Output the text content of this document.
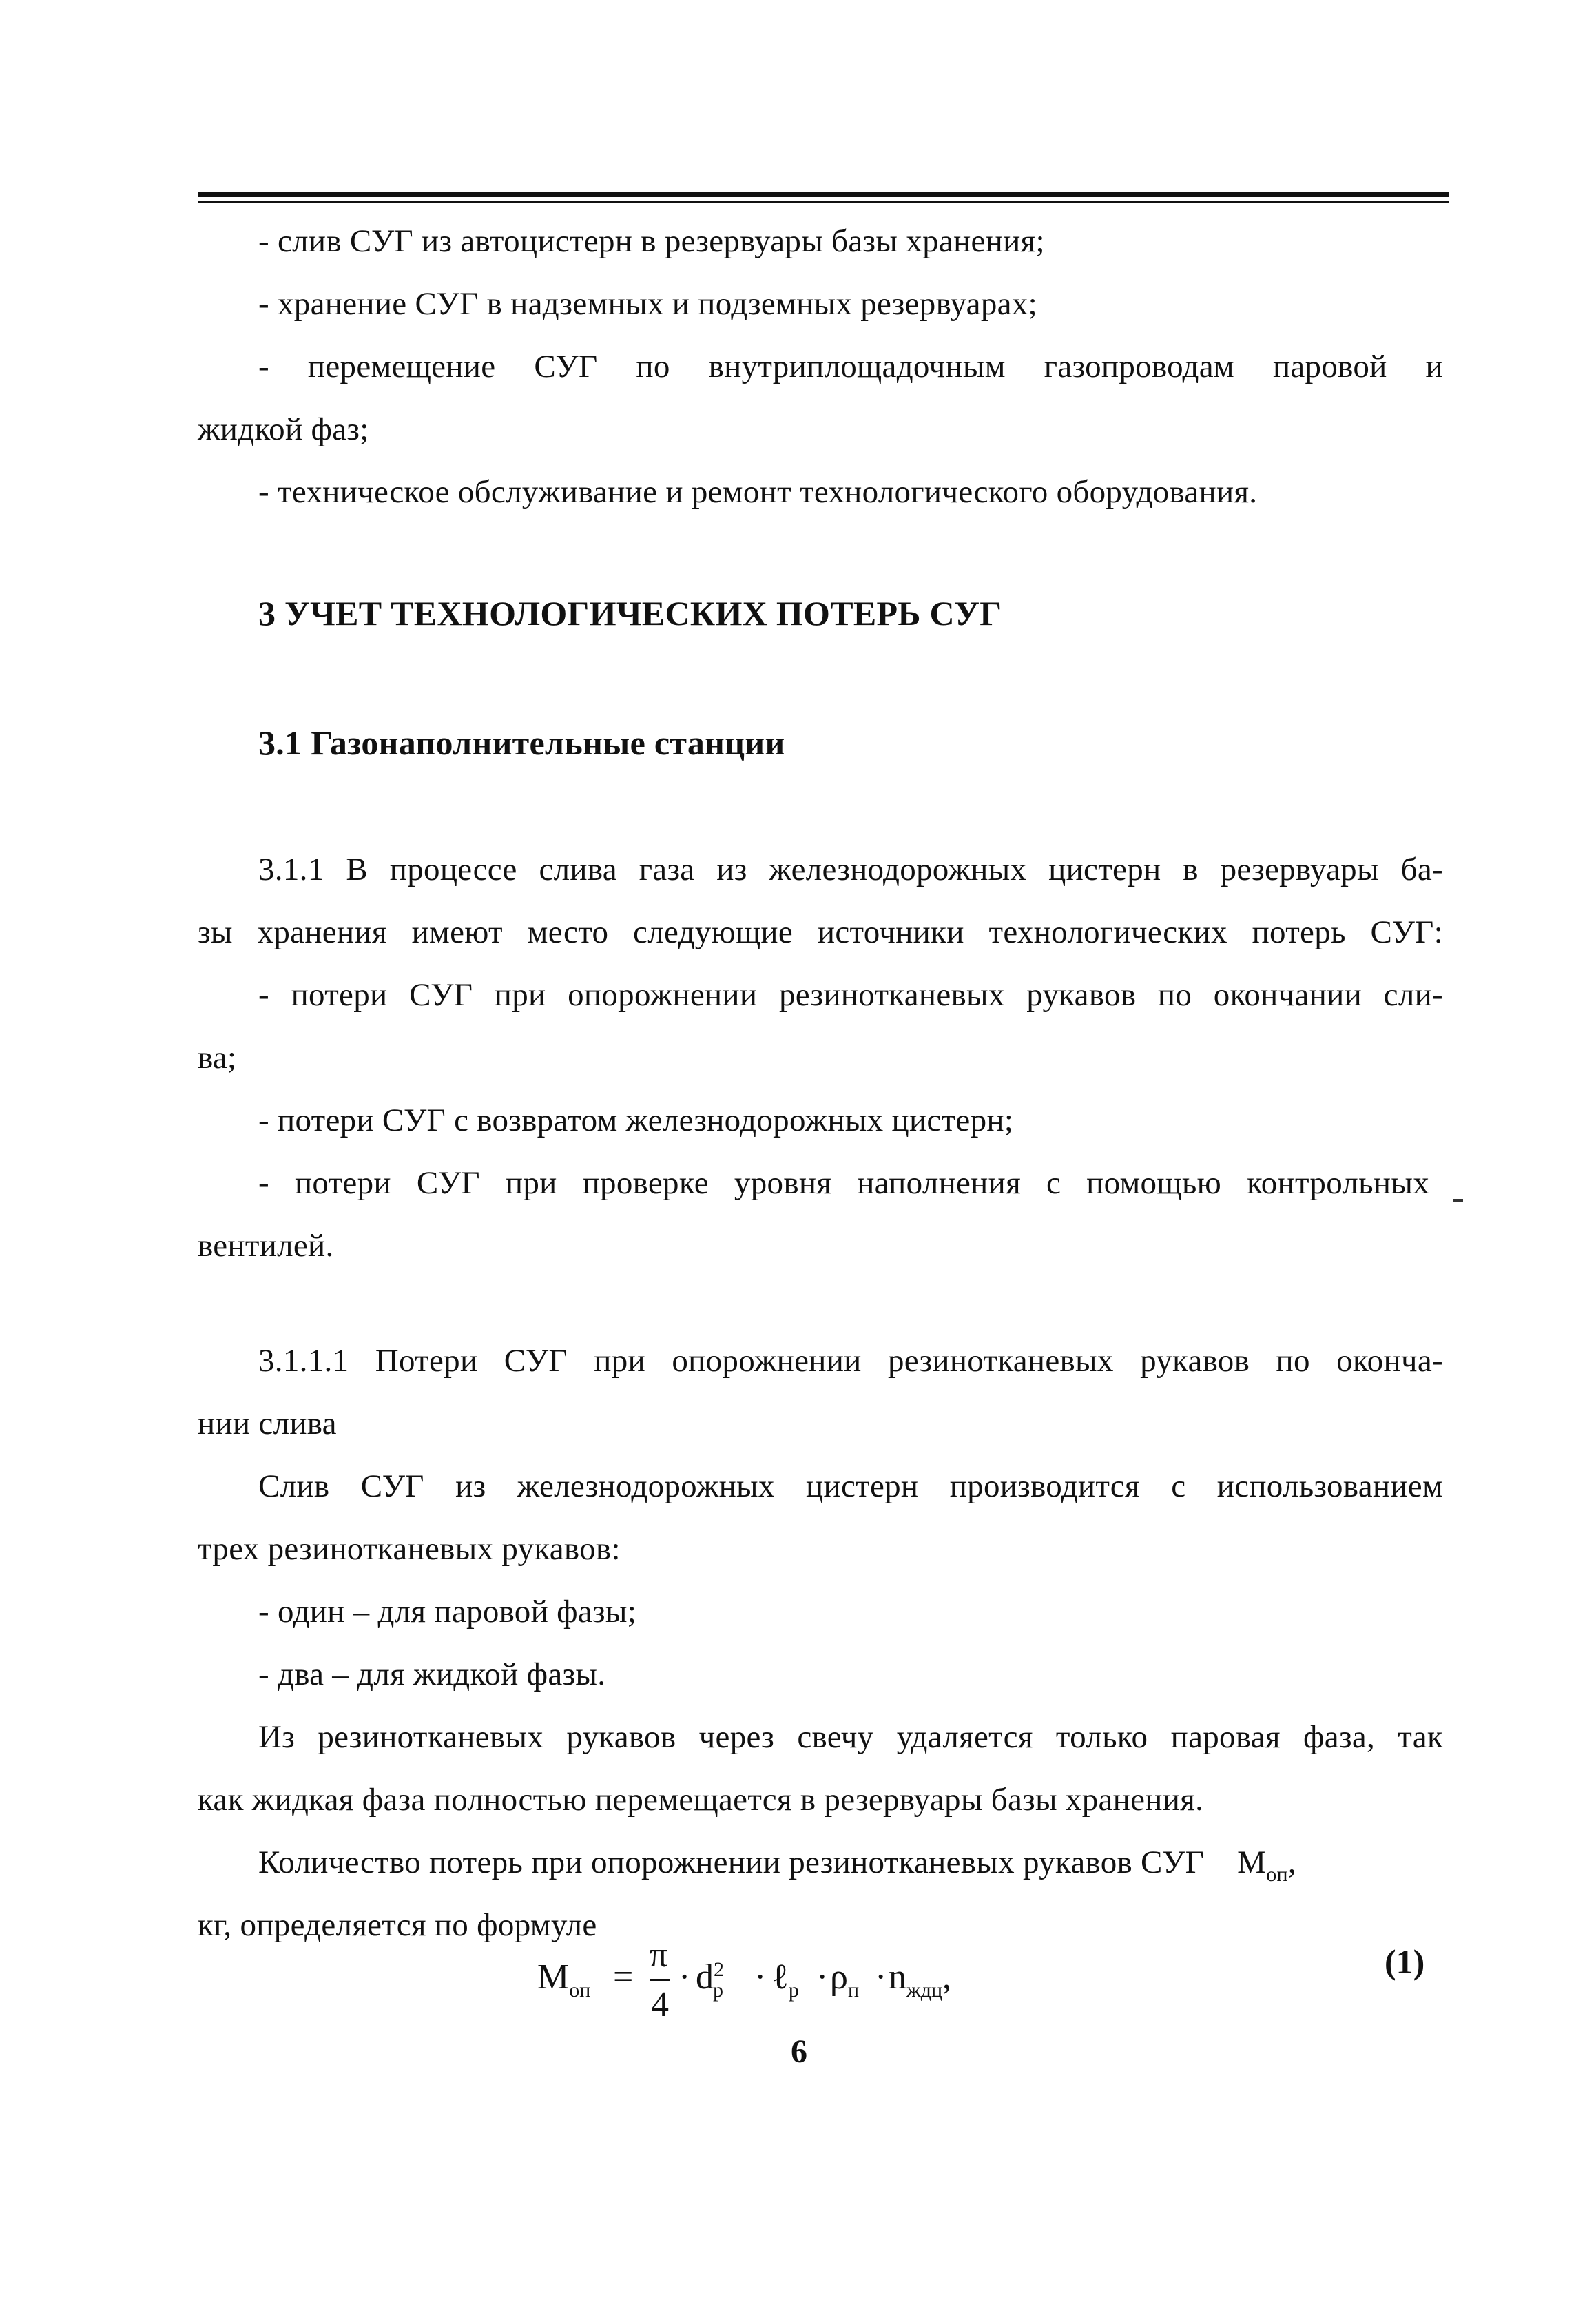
- слив СУГ из автоцистерн в резервуары базы хранения;

- хранение СУГ в надземных и подземных резервуарах;

- перемещение СУГ по внутриплощадочным газопроводам паровой и

жидкой фаз;

- техническое обслуживание и ремонт технологического оборудования.

3 УЧЕТ ТЕХНОЛОГИЧЕСКИХ ПОТЕРЬ СУГ

3.1 Газонаполнительные станции

3.1.1 В процессе слива газа из железнодорожных цистерн в резервуары ба-

зы хранения имеют место следующие источники технологических потерь СУГ:

- потери СУГ при опорожнении резинотканевых рукавов по окончании сли-

ва;

- потери СУГ с возвратом железнодорожных цистерн;

- потери СУГ при проверке уровня наполнения с помощью контрольных

вентилей.

3.1.1.1 Потери СУГ при опорожнении резинотканевых рукавов по оконча-

нии слива

Слив СУГ из железнодорожных цистерн производится с использованием

трех резинотканевых рукавов:

- один – для паровой фазы;

- два – для жидкой фазы.

Из резинотканевых рукавов через свечу удаляется только паровая фаза, так

как жидкая фаза полностью перемещается в резервуары базы хранения.

Количество потерь при опорожнении резинотканевых рукавов СУГ $M_{оп}$,

кг, определяется по формуле

$M_{оп}$ =
π
4
· $d^2_р$ · ℓ$_р$ · $\rho_п \cdot n_{ждц}$,	(1)
6
